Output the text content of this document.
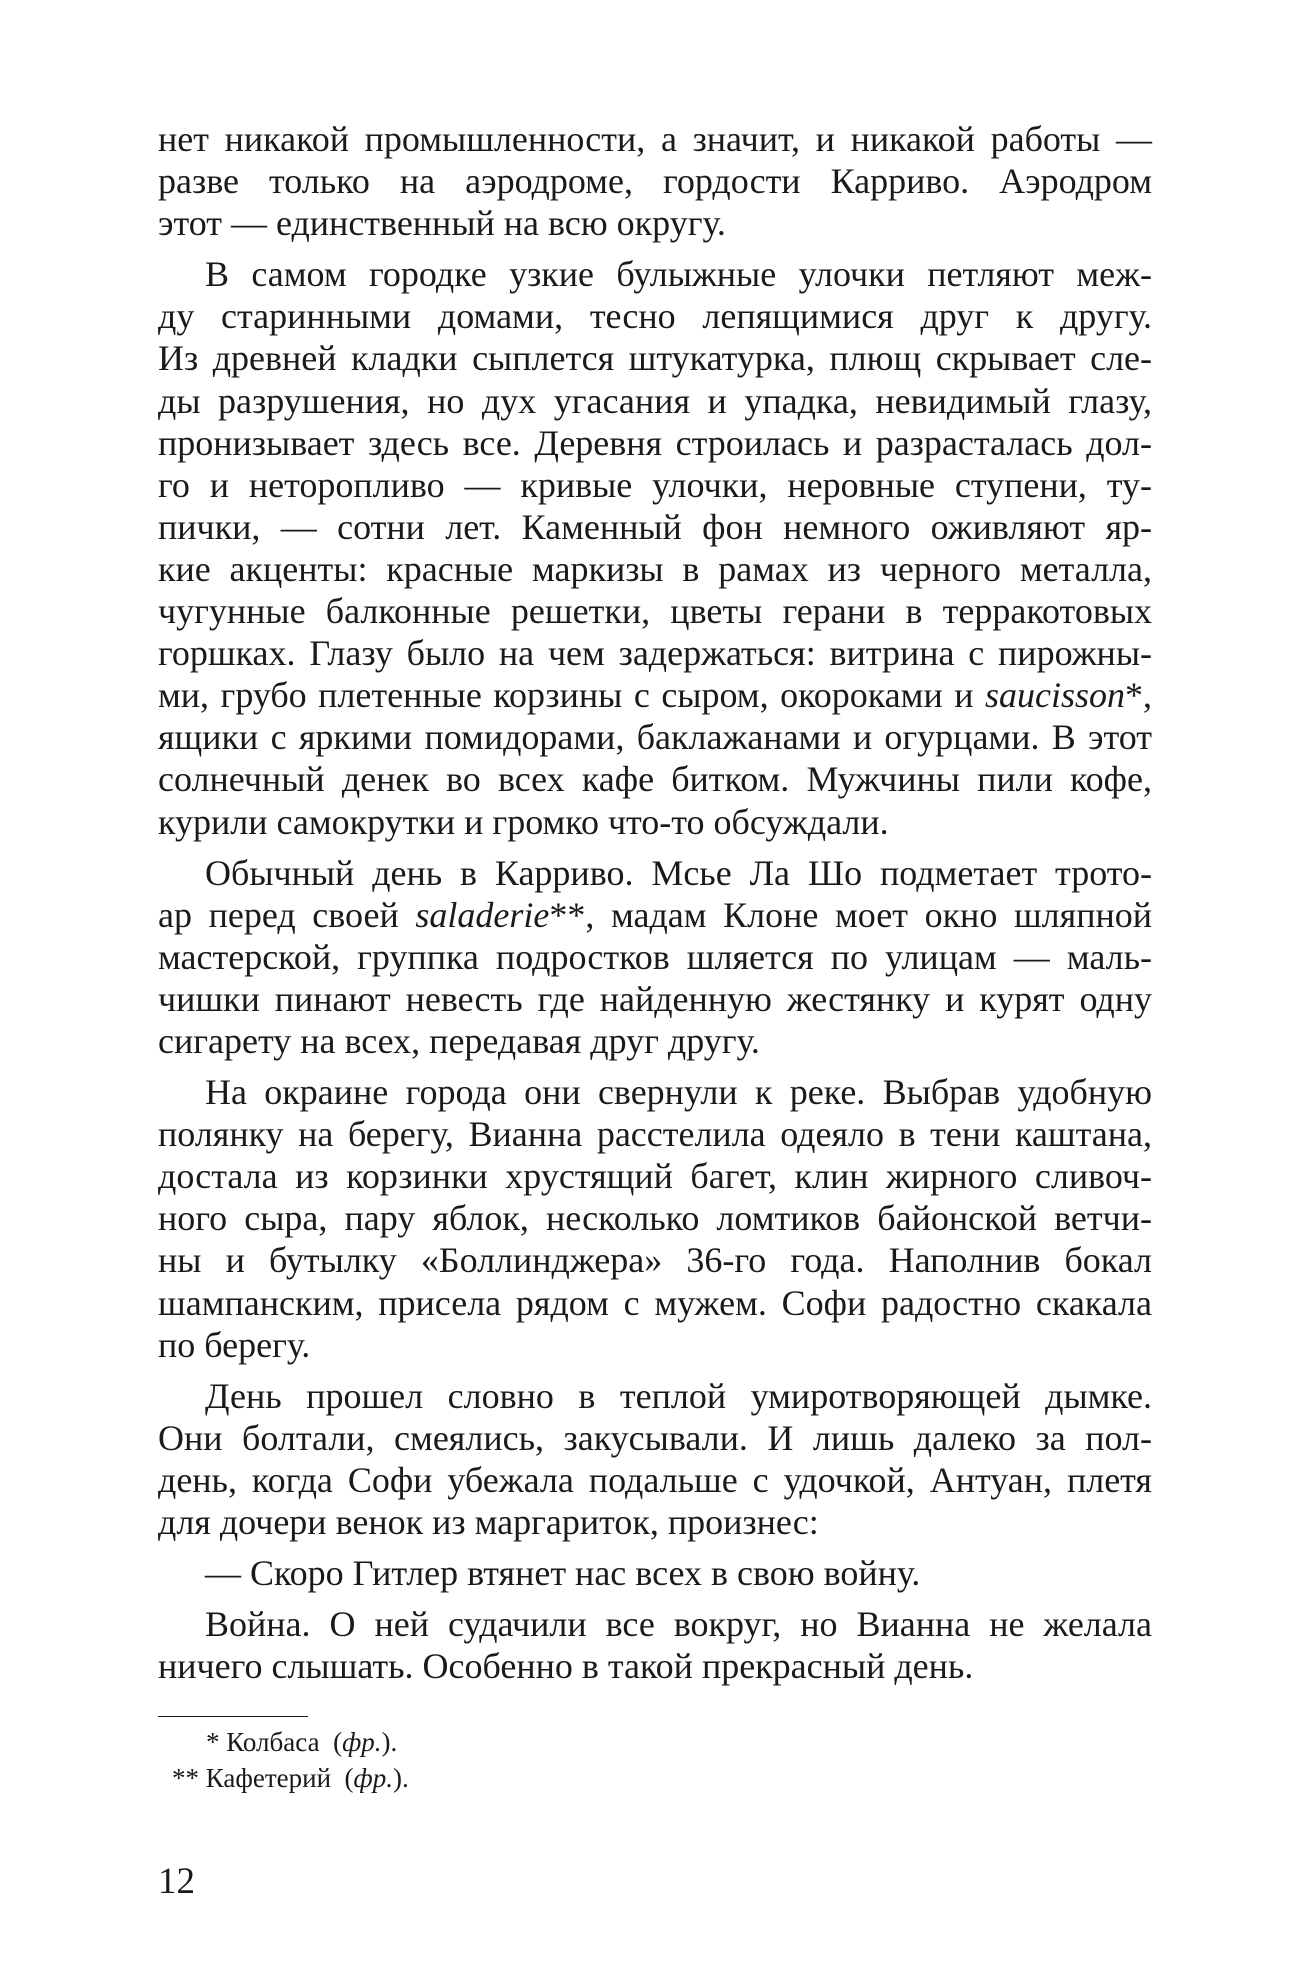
нет никакой промышленности, а значит, и никакой работы —
разве только на аэродроме, гордости Карриво. Аэродром
этот — единственный на всю округу.

В самом городке узкие булыжные улочки петляют меж-
ду старинными домами, тесно лепящимися друг к другу.
Из древней кладки сыплется штукатурка, плющ скрывает сле-
ды разрушения, но дух угасания и упадка, невидимый глазу,
пронизывает здесь все. Деревня строилась и разрасталась дол-
го и неторопливо — кривые улочки, неровные ступени, ту-
пички, — сотни лет. Каменный фон немного оживляют яр-
кие акценты: красные маркизы в рамах из черного металла,
чугунные балконные решетки, цветы герани в терракотовых
горшках. Глазу было на чем задержаться: витрина с пирожны-
ми, грубо плетенные корзины с сыром, окороками и saucisson*,
ящики с яркими помидорами, баклажанами и огурцами. В этот
солнечный денек во всех кафе битком. Мужчины пили кофе,
курили самокрутки и громко что-то обсуждали.

Обычный день в Карриво. Мсье Ла Шо подметает трото-
ар перед своей saladerie**, мадам Клоне моет окно шляпной
мастерской, группка подростков шляется по улицам — маль-
чишки пинают невесть где найденную жестянку и курят одну
сигарету на всех, передавая друг другу.

На окраине города они свернули к реке. Выбрав удобную
полянку на берегу, Вианна расстелила одеяло в тени каштана,
достала из корзинки хрустящий багет, клин жирного сливоч-
ного сыра, пару яблок, несколько ломтиков байонской ветчи-
ны и бутылку «Боллинджера» 36-го года. Наполнив бокал
шампанским, присела рядом с мужем. Софи радостно скакала
по берегу.

День прошел словно в теплой умиротворяющей дымке.
Они болтали, смеялись, закусывали. И лишь далеко за пол-
день, когда Софи убежала подальше с удочкой, Антуан, плетя
для дочери венок из маргариток, произнес:

— Скоро Гитлер втянет нас всех в свою войну.

Война. О ней судачили все вокруг, но Вианна не желала
ничего слышать. Особенно в такой прекрасный день.

* Колбаса  (фр.).
** Кафетерий  (фр.).
12
